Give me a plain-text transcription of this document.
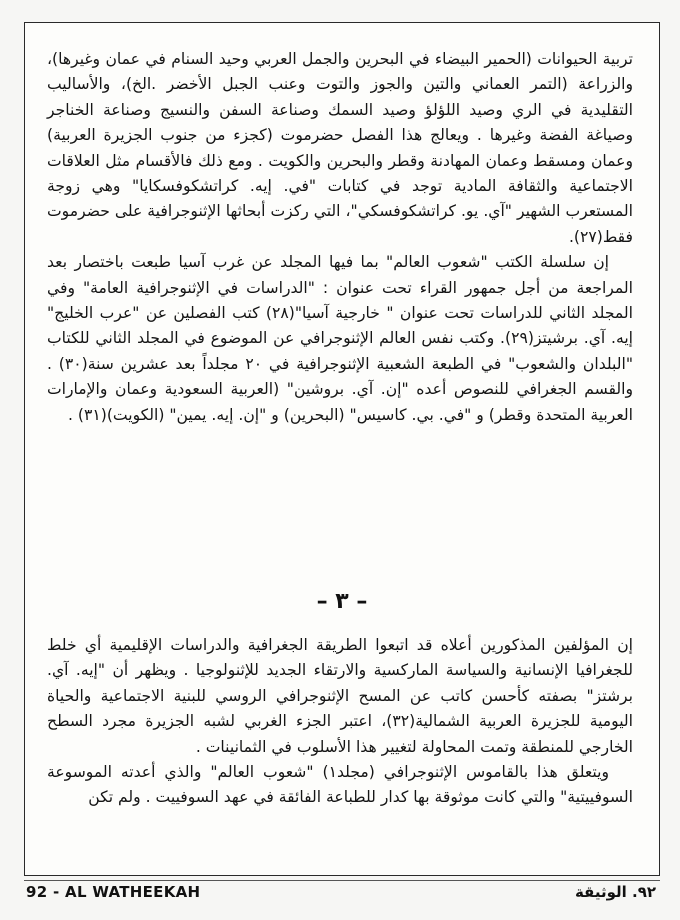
تربية الحيوانات (الحمير البيضاء في البحرين والجمل العربي وحيد السنام في عمان وغيرها)، والزراعة (التمر العماني والتين والجوز والتوت وعنب الجبل الأخضر .الخ)، والأساليب التقليدية في الري وصيد اللؤلؤ وصيد السمك وصناعة السفن والنسيج وصناعة الخناجر وصياغة الفضة وغيرها . ويعالج هذا الفصل حضرموت (كجزء من جنوب الجزيرة العربية) وعمان ومسقط وعمان المهادنة وقطر والبحرين والكويت . ومع ذلك فالأقسام مثل العلاقات الاجتماعية والثقافة المادية توجد في كتابات "في. إيه. كراتشكوفسكايا" وهي زوجة المستعرب الشهير "آي. يو. كراتشكوفسكي"، التي ركزت أبحاثها الإثنوجرافية على حضرموت فقط(٢٧).

إن سلسلة الكتب "شعوب العالم" بما فيها المجلد عن غرب آسيا طبعت باختصار بعد المراجعة من أجل جمهور القراء تحت عنوان : "الدراسات في الإثنوجرافية العامة" وفي المجلد الثاني للدراسات تحت عنوان " خارجية آسيا"(٢٨) كتب الفصلين عن "عرب الخليج" إيه. آي. برشيتز(٢٩). وكتب نفس العالم الإثنوجرافي عن الموضوع في المجلد الثاني للكتاب "البلدان والشعوب" في الطبعة الشعبية الإثنوجرافية في ٢٠ مجلداً بعد عشرين سنة(٣٠) . والقسم الجغرافي للنصوص أعده "إن. آي. بروشين" (العربية السعودية وعمان والإمارات العربية المتحدة وقطر) و "في. بي. كاسيس" (البحرين) و "إن. إيه. يمين" (الكويت)(٣١) .

– ٣ –

إن المؤلفين المذكورين أعلاه قد اتبعوا الطريقة الجغرافية والدراسات الإقليمية أي خلط للجغرافيا الإنسانية والسياسة الماركسية والارتقاء الجديد للإثنولوجيا . ويظهر أن "إيه. آي. برشتز" بصفته كأحسن كاتب عن المسح الإثنوجرافي الروسي للبنية الاجتماعية والحياة اليومية للجزيرة العربية الشمالية(٣٢)، اعتبر الجزء الغربي لشبه الجزيرة مجرد السطح الخارجي للمنطقة وتمت المحاولة لتغيير هذا الأسلوب في الثمانينات .

ويتعلق هذا بالقاموس الإثنوجرافي (مجلد١) "شعوب العالم" والذي أعدته الموسوعة السوفييتية" والتي كانت موثوقة بها كدار للطباعة الفائقة في عهد السوفييت . ولم تكن

92 - AL WATHEEKAH	٩٢. الوثيقة
